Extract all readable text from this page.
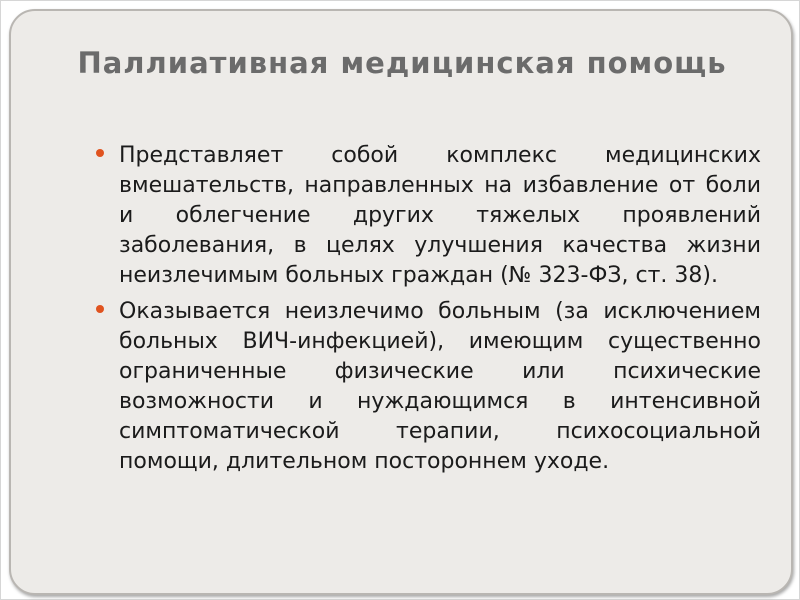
Паллиативная медицинская помощь
Представляет собой комплекс медицинских вмешательств, направленных на избавление от боли и облегчение других тяжелых проявлений заболевания, в целях улучшения качества жизни неизлечимым больных граждан (№ 323-ФЗ, ст. 38).
Оказывается неизлечимо больным (за исключением больных ВИЧ-инфекцией), имеющим существенно ограниченные физические или психические возможности и нуждающимся в интенсивной симптоматической терапии, психосоциальной помощи, длительном постороннем уходе.
